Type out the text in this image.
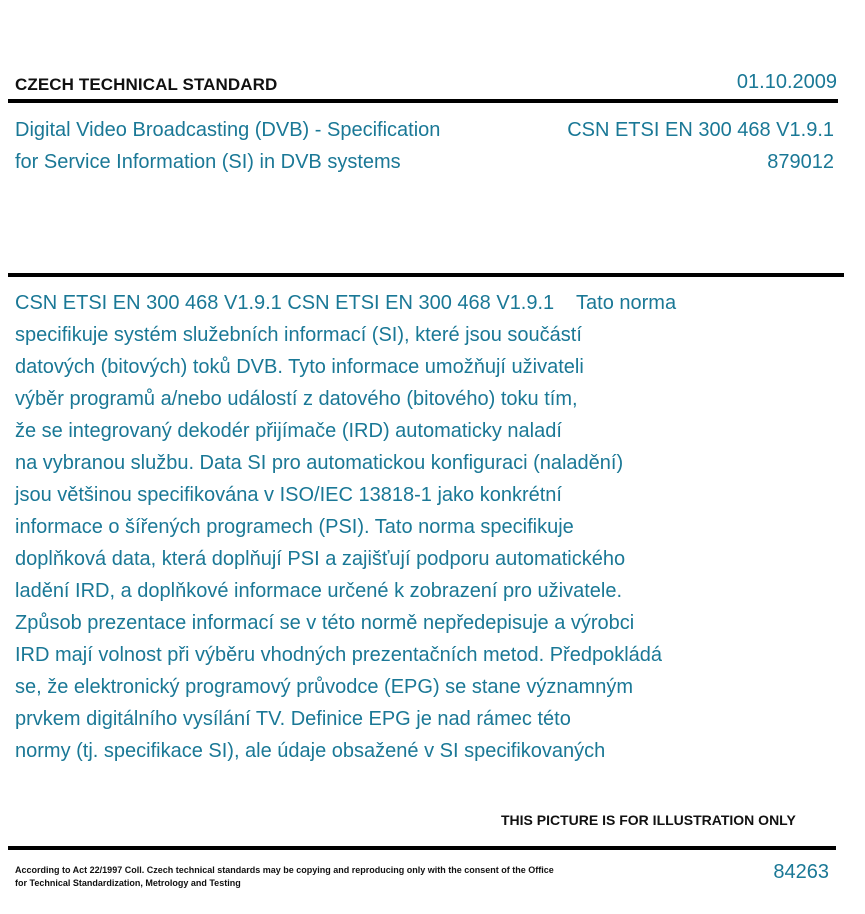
CZECH TECHNICAL STANDARD	01.10.2009
Digital Video Broadcasting (DVB) - Specification
for Service Information (SI) in DVB systems
CSN ETSI EN 300 468 V1.9.1
879012
CSN ETSI EN 300 468 V1.9.1 CSN ETSI EN 300 468 V1.9.1    Tato norma
specifikuje systém služebních informací (SI), které jsou součástí
datových (bitových) toků DVB. Tyto informace umožňují uživateli
výběr programů a/nebo událostí z datového (bitového) toku tím,
že se integrovaný dekodér přijímače (IRD) automaticky naladí
na vybranou službu. Data SI pro automatickou konfiguraci (naladění)
jsou většinou specifikována v ISO/IEC 13818-1 jako konkrétní
informace o šířených programech (PSI). Tato norma specifikuje
doplňková data, která doplňují PSI a zajišťují podporu automatického
ladění IRD, a doplňkové informace určené k zobrazení pro uživatele.
Způsob prezentace informací se v této normě nepředepisuje a výrobci
IRD mají volnost při výběru vhodných prezentačních metod. Předpokládá
se, že elektronický programový průvodce (EPG) se stane významným
prvkem digitálního vysílání TV. Definice EPG je nad rámec této
normy (tj. specifikace SI), ale údaje obsažené v SI specifikovaných
THIS PICTURE IS FOR ILLUSTRATION ONLY
According to Act 22/1997 Coll. Czech technical standards may be copying and reproducing only with the consent of the Office
for Technical Standardization, Metrology and Testing	84263
